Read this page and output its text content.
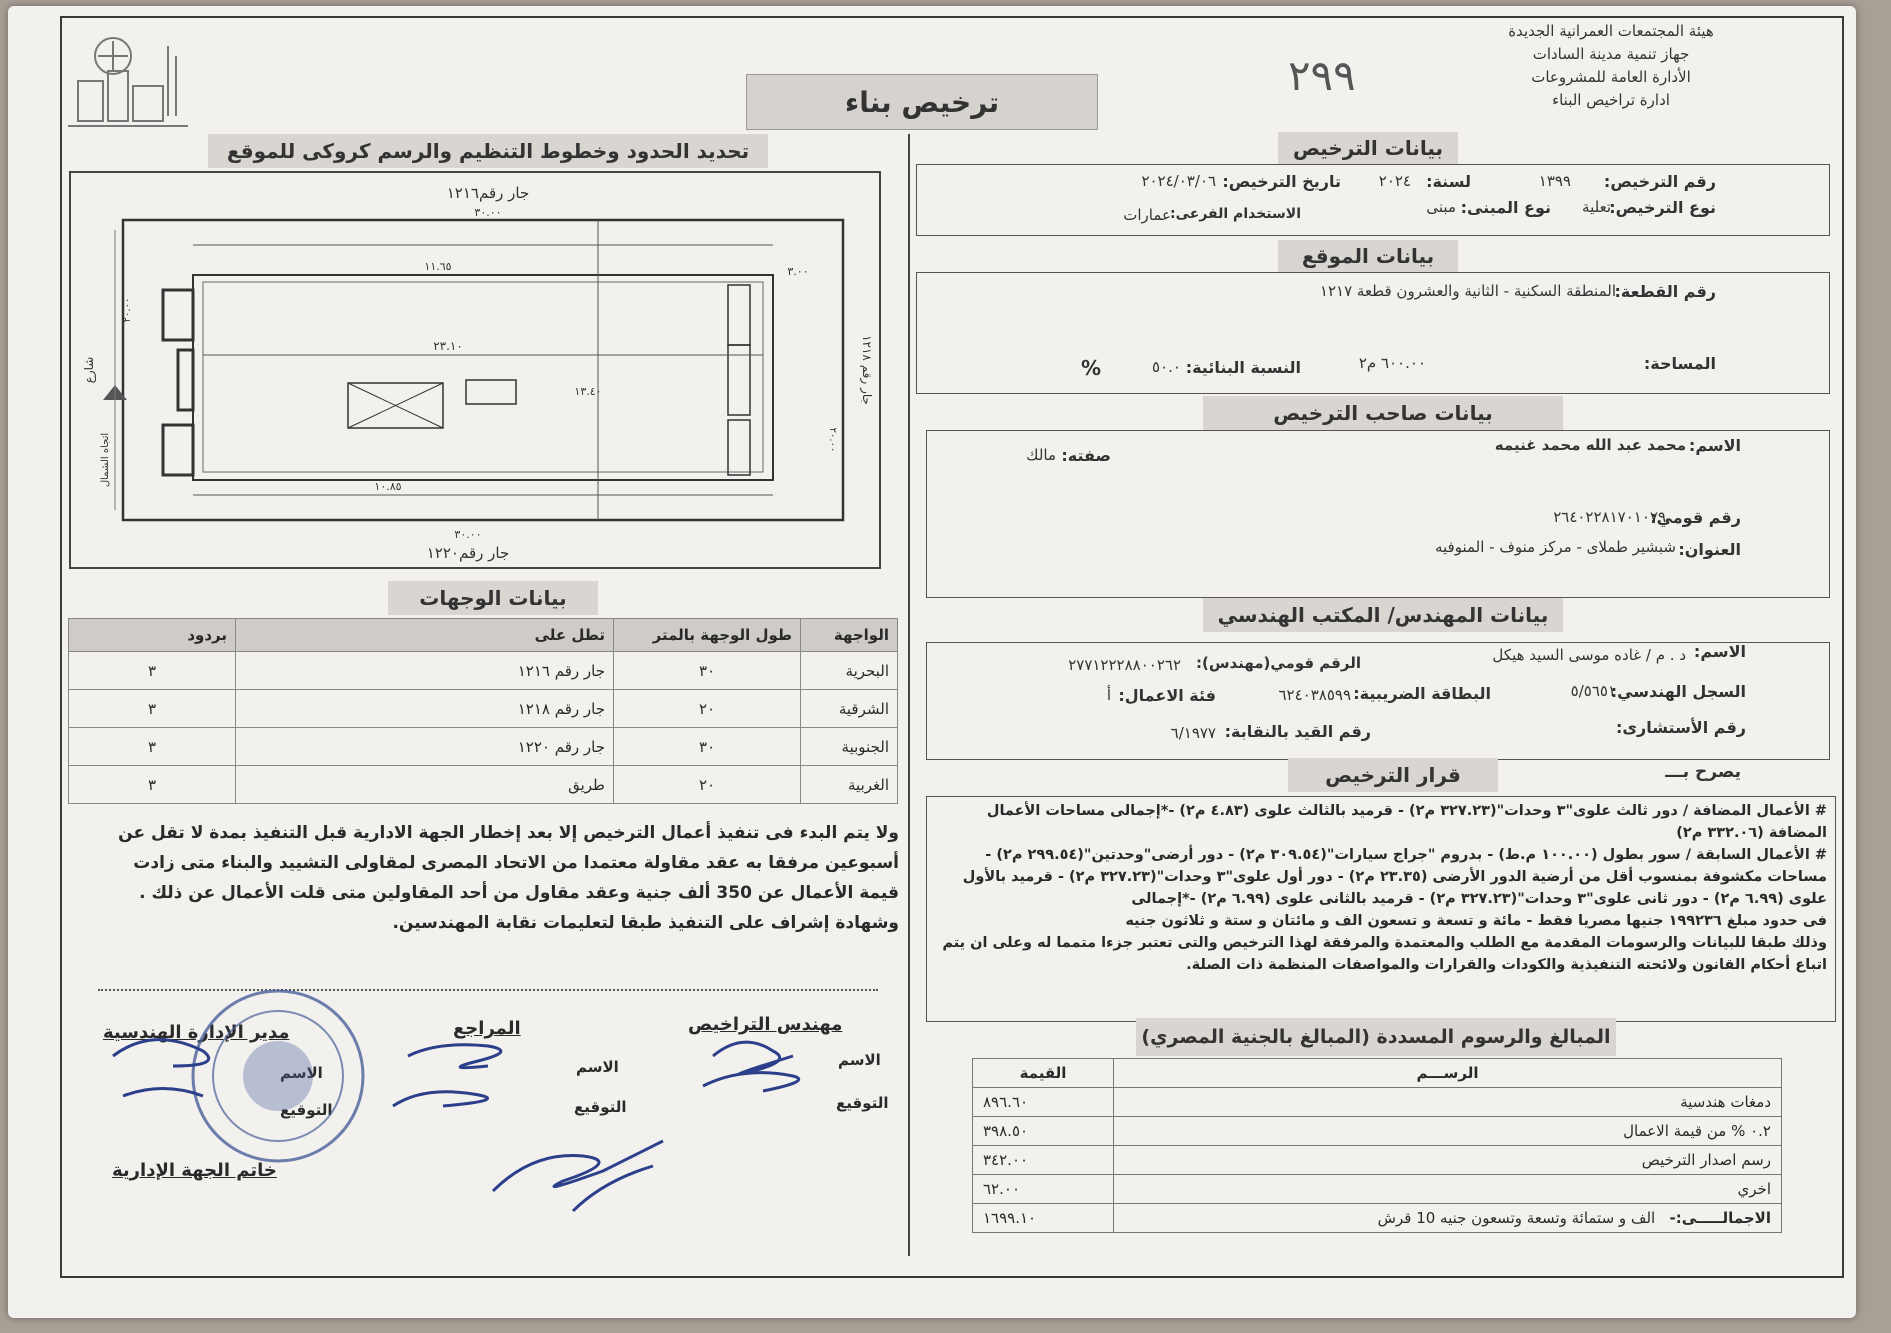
هيئة المجتمعات العمرانية الجديدة
جهاز تنمية مدينة السادات
الأدارة العامة للمشروعات
ادارة تراخيص البناء
٢٩٩
ترخيص بناء
بيانات الترخيص
رقم الترخيص:
١٣٩٩
لسنة:
٢٠٢٤
تاريخ الترخيص:
٢٠٢٤/٠٣/٠٦
نوع الترخيص:
تعلية
نوع المبنى:
مبنى
الاستخدام الفرعى:
عمارات
بيانات الموقع
رقم القطعة:
المنطقة السكنية - الثانية والعشرون قطعة ١٢١٧
المساحة:
٦٠٠.٠٠ م٢
النسبة البنائية:
٥٠.٠
%
بيانات صاحب الترخيص
الاسم:
محمد عبد الله محمد غنيمه
صفته:
مالك
رقم قومي:
٢٦٤٠٢٢٨١٧٠١٠٧٩
العنوان:
شبشير طملاى - مركز منوف - المنوفيه
بيانات المهندس/ المكتب الهندسي
الاسم:
د . م / غاده موسى السيد هيكل
الرقم قومي(مهندس):
٢٧٧١٢٢٢٨٨٠٠٢٦٢
السجل الهندسي:
٥/٥٦٥١
البطاقة الضريبية:
٦٢٤٠٣٨٥٩٩
فئة الاعمال:
أ
رقم الأستشارى:
رقم القيد بالنقابة:
٦/١٩٧٧
قرار الترخيص	يصرح بـــ
# الأعمال المضافة / دور ثالث علوى"٣ وحدات"(٣٢٧.٢٣ م٢) - قرميد بالثالث علوى (٤.٨٣ م٢) -*إجمالى مساحات الأعمال المضافة (٣٣٢.٠٦ م٢)
# الأعمال السابقة / سور بطول (١٠٠.٠٠ م.ط) - بدروم "جراج سيارات"(٣٠٩.٥٤ م٢) - دور أرضى"وحدتين"(٢٩٩.٥٤ م٢) - مساحات مكشوفة بمنسوب أقل من أرضية الدور الأرضى (٢٣.٣٥ م٢) - دور أول علوى"٣ وحدات"(٣٢٧.٢٣ م٢) - قرميد بالأول علوى (٦.٩٩ م٢) - دور ثانى علوى"٣ وحدات"(٣٢٧.٢٣ م٢) - قرميد بالثانى علوى (٦.٩٩ م٢) -*إجمالى
فى حدود مبلغ ١٩٩٢٣٦ جنيها مصريا فقط - مائة و تسعة و تسعون الف و مائتان و ستة و ثلاثون جنيه
وذلك طبقا للبيانات والرسومات المقدمة مع الطلب والمعتمدة والمرفقة لهذا الترخيص والتى تعتبر جزءا متمما له وعلى ان يتم اتباع أحكام القانون ولائحته التنفيذية والكودات والقرارات والمواصفات المنظمة ذات الصلة.
المبالغ والرسوم المسددة (المبالغ بالجنية المصري)
الرســـم	القيمة
دمغات هندسية	٨٩٦.٦٠
٠.٢ % من قيمة الاعمال	٣٩٨.٥٠
رسم اصدار الترخيص	٣٤٢.٠٠
اخري	٦٢.٠٠
الاجمالـــــى:-   الف و ستمائة وتسعة وتسعون جنيه 10 قرش	١٦٩٩.١٠
تحديد الحدود وخطوط التنظيم والرسم كروكى للموقع
جار رقم١٢١٦
جار رقم١٢٢٠
٣٠.٠٠
٣٠.٠٠
١١.٦٥
١٠.٨٥
٢٣.١٠
١٣.٤٠
٣.٠٠
جار رقم ١٢١٨
شارع
اتجاه الشمال	٢٠.٠٠
٢٠.٠٠
بيانات الوجهات
الواجهة	طول الوجهة بالمتر	تطل على	بردود
البحرية	٣٠	جار رقم ١٢١٦	٣
الشرقية	٢٠	جار رقم ١٢١٨	٣
الجنوبية	٣٠	جار رقم ١٢٢٠	٣
الغربية	٢٠	طريق	٣
ولا يتم البدء فى تنفيذ أعمال الترخيص إلا بعد إخطار الجهة الادارية قبل التنفيذ بمدة لا تقل عن أسبوعين مرفقا به عقد مقاولة معتمدا من الاتحاد المصرى لمقاولى التشييد والبناء متى زادت قيمة الأعمال عن 350 ألف جنية وعقد مقاول من أحد المقاولين متى قلت الأعمال عن ذلك . وشهادة إشراف على التنفيذ طبقا لتعليمات نقابة المهندسين.
مهندس التراخيص
المراجع
مدير الإدارة الهندسية
الاسم
التوقيع
الاسم
التوقيع
الاسم
التوقيع
خاتم الجهة الإدارية
